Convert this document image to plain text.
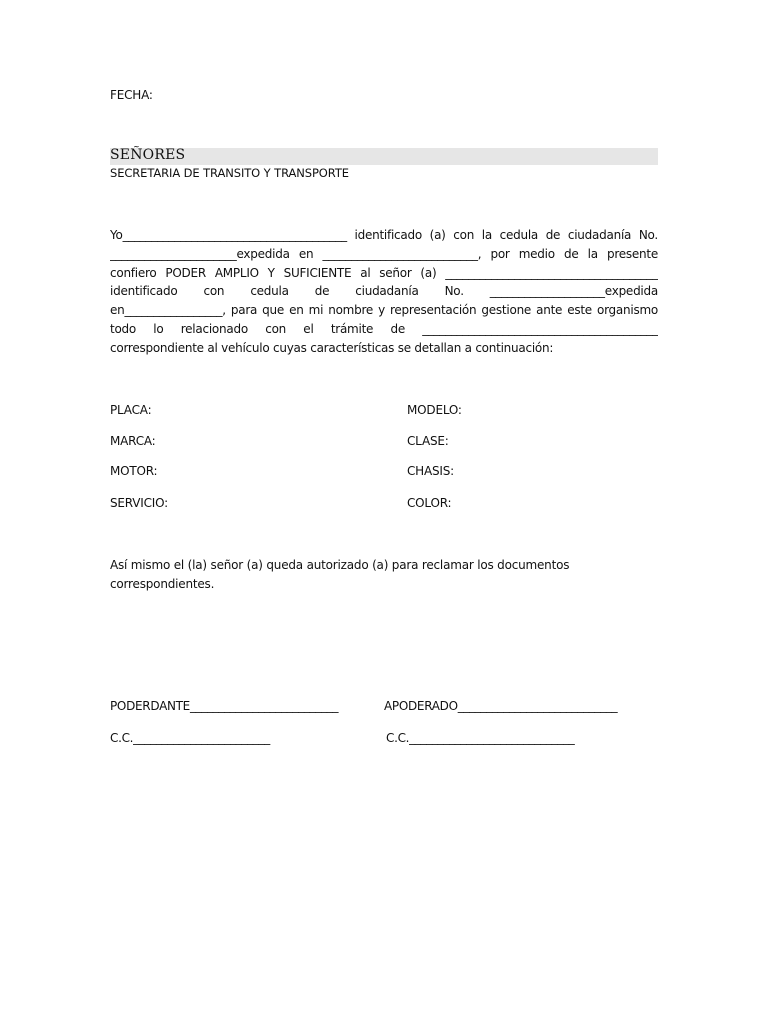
FECHA:
SEÑORES
SECRETARIA DE TRANSITO Y TRANSPORTE
Yo_______________________________________ identificado (a) con la cedula de ciudadanía No.
______________________expedida en ___________________________, por medio de la presente
confiero PODER AMPLIO Y SUFICIENTE al señor (a) _____________________________________
identificado con cedula de ciudadanía No. ____________________expedida
en_________________, para que en mi nombre y representación gestione ante este organismo
todo lo relacionado con el trámite de _________________________________________
correspondiente al vehículo cuyas características se detallan a continuación:
PLACA:	MODELO:
MARCA:	CLASE:
MOTOR:	CHASIS:
SERVICIO:	COLOR:
Así mismo el (la) señor (a) queda autorizado (a) para reclamar los documentos
correspondientes.
PODERDANTE__________________________	APODERADO____________________________
C.C.________________________	C.C._____________________________
